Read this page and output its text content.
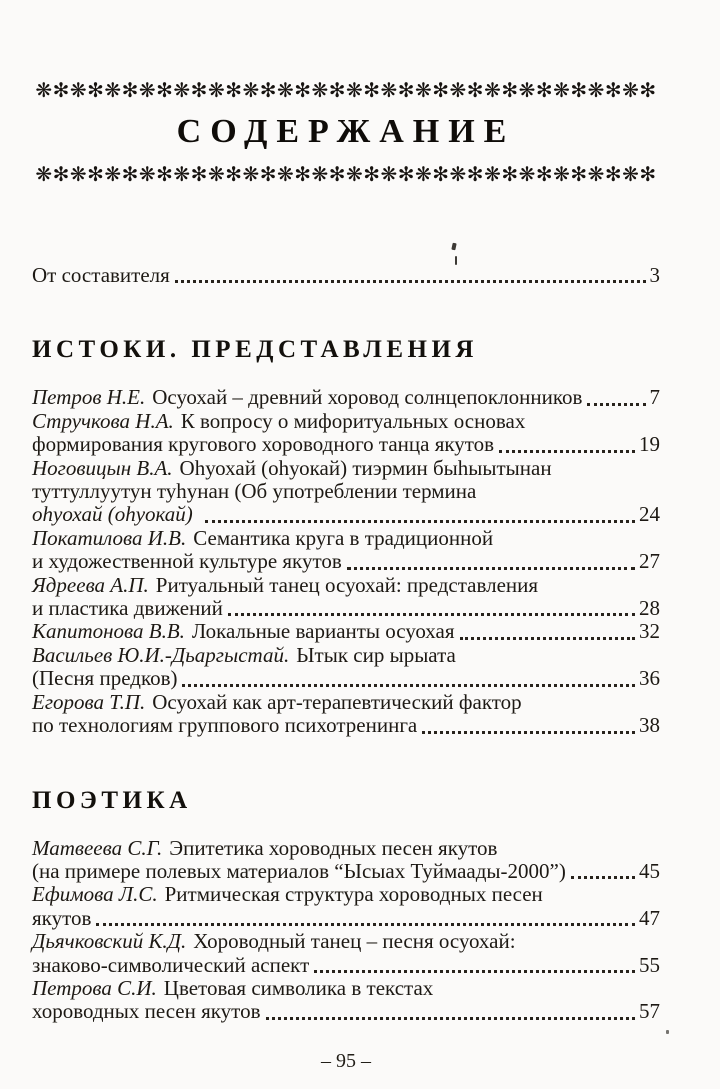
❋✻❋✻❋✻❋✻❋✻❋✻❋✻❋✻❋✻❋✻❋✻❋✻❋✻❋✻❋✻❋✻❋✻❋✻
СОДЕРЖАНИЕ
❋✻❋✻❋✻❋✻❋✻❋✻❋✻❋✻❋✻❋✻❋✻❋✻❋✻❋✻❋✻❋✻❋✻❋✻
От составителя	3
ИСТОКИ. ПРЕДСТАВЛЕНИЯ
Петров Н.Е. Осуохай – древний хоровод солнцепоклонников	7
Стручкова Н.А. К вопросу о мифоритуальных основах
формирования кругового хороводного танца якутов	19
Ноговицын В.А. Оһуохай (оһуокай) тиэрмин быһыытынан
туттуллуутун туһунан (Об употреблении термина
оһуохай (оһуокай)	24
Покатилова И.В. Семантика круга в традиционной
и художественной культуре якутов	27
Ядреева А.П. Ритуальный танец осуохай: представления
и пластика движений	28
Капитонова В.В. Локальные варианты осуохая	32
Васильев Ю.И.-Дьаргыстай. Ытык сир ырыата
(Песня предков)	36
Егорова Т.П. Осуохай как арт-терапевтический фактор
по технологиям группового психотренинга	38
ПОЭТИКА
Матвеева С.Г. Эпитетика хороводных песен якутов
(на примере полевых материалов “Ысыах Туймаады-2000”)	45
Ефимова Л.С. Ритмическая структура хороводных песен
якутов	47
Дьячковский К.Д. Хороводный танец – песня осуохай:
знаково-символический аспект	55
Петрова С.И. Цветовая символика в текстах
хороводных песен якутов	57
– 95 –
